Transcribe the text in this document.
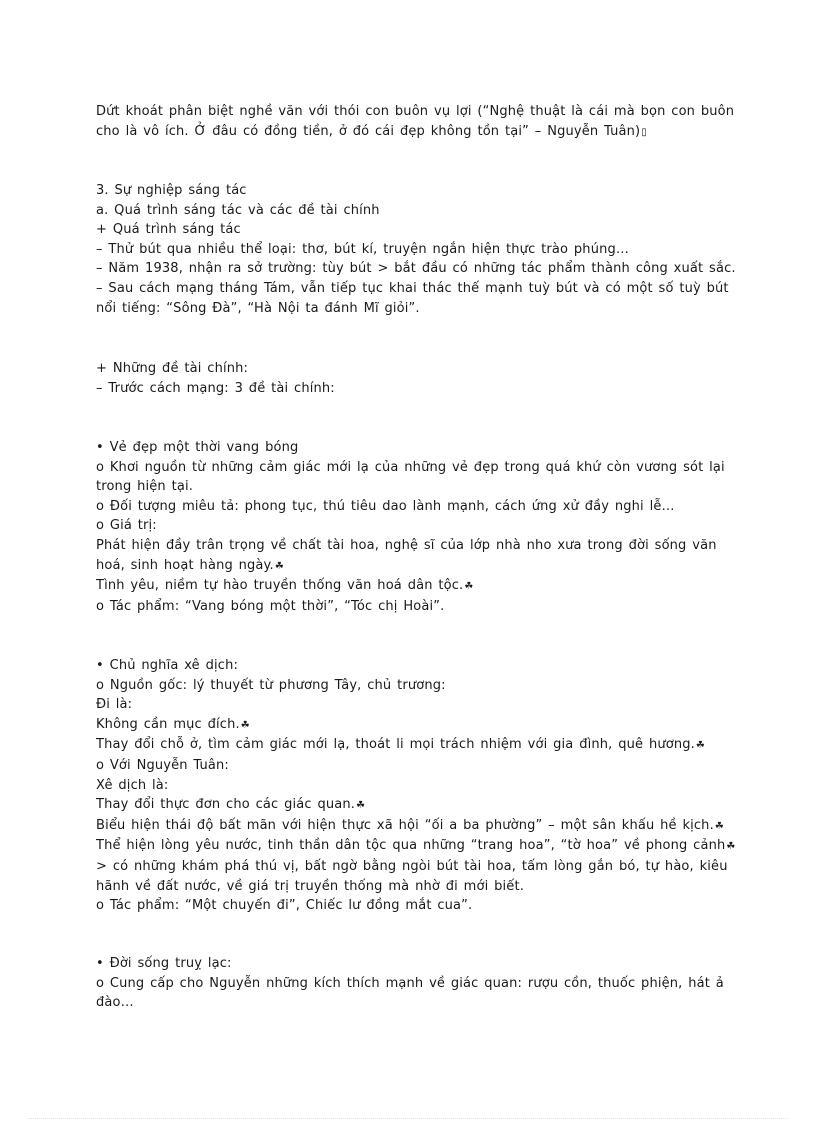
Dứt khoát phân biệt nghề văn với thói con buôn vụ lợi (“Nghệ thuật là cái mà bọn con buôn
cho là vô ích. Ở đâu có đồng tiền, ở đó cái đẹp không tồn tại” – Nguyễn Tuân)▯
3. Sự nghiệp sáng tác
a. Quá trình sáng tác và các đề tài chính
+ Quá trình sáng tác
– Thử bút qua nhiều thể loại: thơ, bút kí, truyện ngắn hiện thực trào phúng…
– Năm 1938, nhận ra sở trường: tùy bút > bắt đầu có những tác phẩm thành công xuất sắc.
– Sau cách mạng tháng Tám, vẫn tiếp tục khai thác thế mạnh tuỳ bút và có một số tuỳ bút
nổi tiếng: “Sông Đà”, “Hà Nội ta đánh Mĩ giỏi”.
+ Những đề tài chính:
– Trước cách mạng: 3 đề tài chính:
• Vẻ đẹp một thời vang bóng
o Khơi nguồn từ những cảm giác mới lạ của những vẻ đẹp trong quá khứ còn vương sót lại
trong hiện tại.
o Đối tượng miêu tả: phong tục, thú tiêu dao lành mạnh, cách ứng xử đầy nghi lễ…
o Giá trị:
Phát hiện đầy trân trọng về chất tài hoa, nghệ sĩ của lớp nhà nho xưa trong đời sống văn
hoá, sinh hoạt hàng ngày.☘
Tình yêu, niềm tự hào truyền thống văn hoá dân tộc.☘
o Tác phẩm: “Vang bóng một thời”, “Tóc chị Hoài”.
• Chủ nghĩa xê dịch:
o Nguồn gốc: lý thuyết từ phương Tây, chủ trương:
Đi là:
Không cần mục đích.☘
Thay đổi chỗ ở, tìm cảm giác mới lạ, thoát li mọi trách nhiệm với gia đình, quê hương.☘
o Với Nguyễn Tuân:
Xê dịch là:
Thay đổi thực đơn cho các giác quan.☘
Biểu hiện thái độ bất mãn với hiện thực xã hội “ối a ba phường” – một sân khấu hề kịch.☘
Thể hiện lòng yêu nước, tinh thần dân tộc qua những “trang hoa”, “tờ hoa” về phong cảnh☘
> có những khám phá thú vị, bất ngờ bằng ngòi bút tài hoa, tấm lòng gắn bó, tự hào, kiêu
hãnh về đất nước, về giá trị truyền thống mà nhờ đi mới biết.
o Tác phẩm: “Một chuyến đi”, Chiếc lư đồng mắt cua”.
• Đời sống truỵ lạc:
o Cung cấp cho Nguyễn những kích thích mạnh về giác quan: rượu cồn, thuốc phiện, hát ả
đào…
